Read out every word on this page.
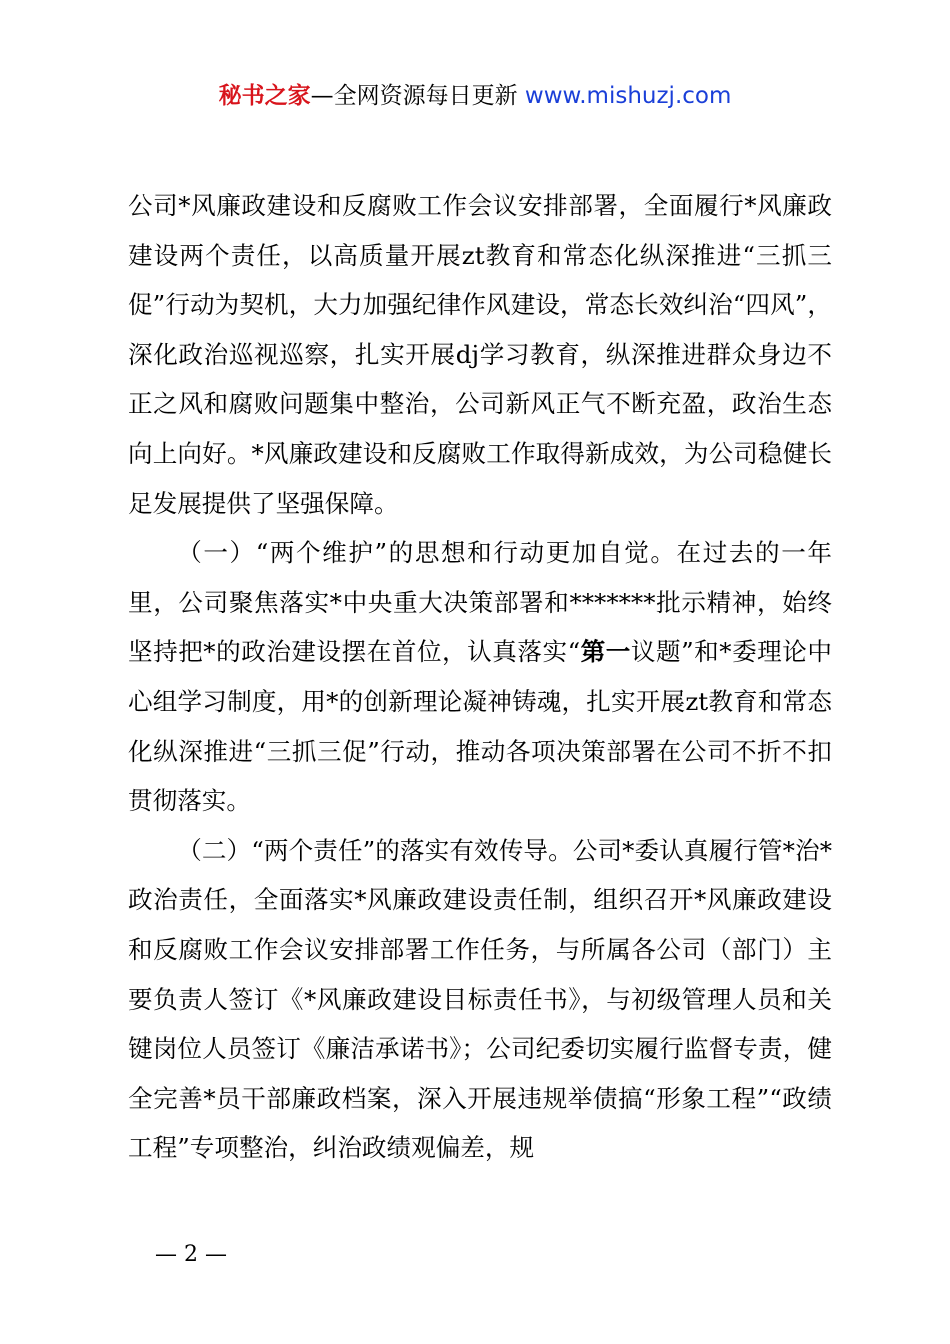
秘书之家—全网资源每日更新 www.mishuzj.com

公司*风廉政建设和反腐败工作会议安排部署，全面履行*风廉政建设两个责任，以高质量开展zt教育和常态化纵深推进“三抓三促”行动为契机，大力加强纪律作风建设，常态长效纠治“四风”，深化政治巡视巡察，扎实开展dj学习教育，纵深推进群众身边不正之风和腐败问题集中整治，公司新风正气不断充盈，政治生态向上向好。*风廉政建设和反腐败工作取得新成效，为公司稳健长足发展提供了坚强保障。

（一）“两个维护”的思想和行动更加自觉。在过去的一年里，公司聚焦落实*中央重大决策部署和*******批示精神，始终坚持把*的政治建设摆在首位，认真落实“第一议题”和*委理论中心组学习制度，用*的创新理论凝神铸魂，扎实开展zt教育和常态化纵深推进“三抓三促”行动，推动各项决策部署在公司不折不扣贯彻落实。

（二）“两个责任”的落实有效传导。公司*委认真履行管*治*政治责任，全面落实*风廉政建设责任制，组织召开*风廉政建设和反腐败工作会议安排部署工作任务，与所属各公司（部门）主要负责人签订《*风廉政建设目标责任书》，与初级管理人员和关键岗位人员签订《廉洁承诺书》；公司纪委切实履行监督专责，健全完善*员干部廉政档案，深入开展违规举债搞“形象工程”“政绩工程”专项整治，纠治政绩观偏差，规

— 2 —
